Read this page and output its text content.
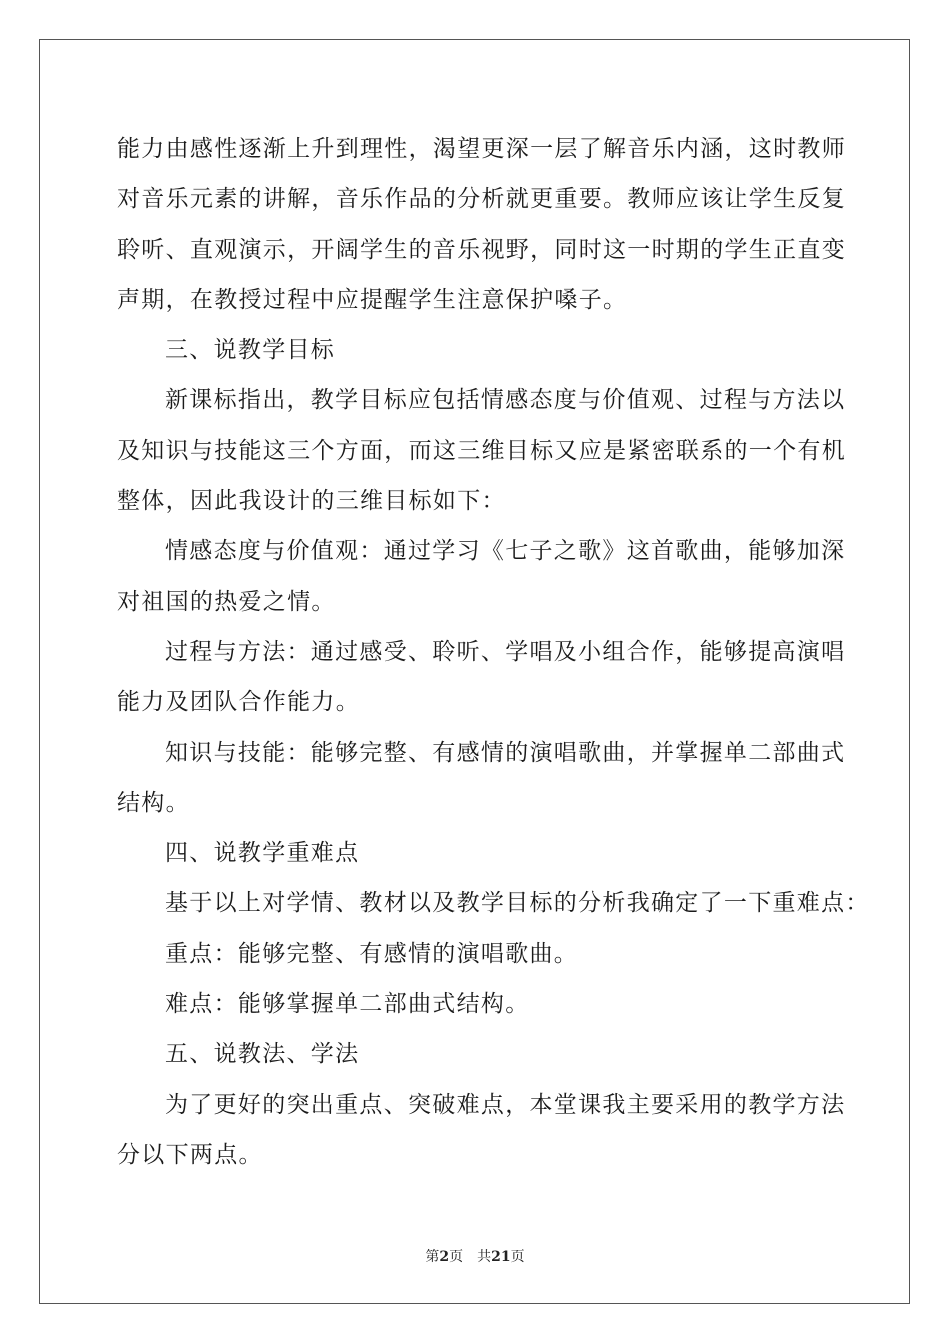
能力由感性逐渐上升到理性，渴望更深一层了解音乐内涵，这时教师
对音乐元素的讲解，音乐作品的分析就更重要。教师应该让学生反复
聆听、直观演示，开阔学生的音乐视野，同时这一时期的学生正直变
声期，在教授过程中应提醒学生注意保护嗓子。
三、说教学目标
新课标指出，教学目标应包括情感态度与价值观、过程与方法以
及知识与技能这三个方面，而这三维目标又应是紧密联系的一个有机
整体，因此我设计的三维目标如下：
情感态度与价值观：通过学习《七子之歌》这首歌曲，能够加深
对祖国的热爱之情。
过程与方法：通过感受、聆听、学唱及小组合作，能够提高演唱
能力及团队合作能力。
知识与技能：能够完整、有感情的演唱歌曲，并掌握单二部曲式
结构。
四、说教学重难点
基于以上对学情、教材以及教学目标的分析我确定了一下重难点：
重点：能够完整、有感情的演唱歌曲。
难点：能够掌握单二部曲式结构。
五、说教法、学法
为了更好的突出重点、突破难点，本堂课我主要采用的教学方法
分以下两点。
第2页 共21页
